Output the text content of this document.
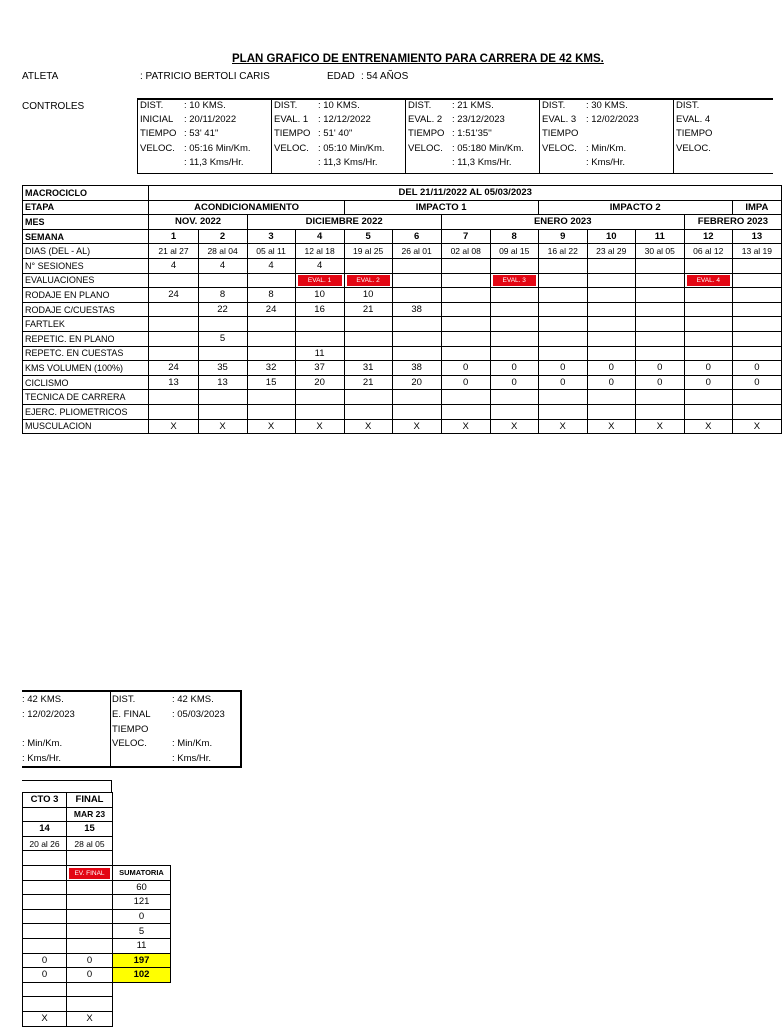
PLAN GRAFICO DE ENTRENAMIENTO PARA CARRERA DE 42 KMS.
ATLETA	: PATRICIO BERTOLI CARIS	EDAD : 54 AÑOS
CONTROLES	DIST. : 10 KMS.
INICIAL : 20/11/2022
TIEMPO : 53' 41''
VELOC. : 05:16 Min/Km.
: 11,3 Kms/Hr.
DIST. : 10 KMS.
EVAL. 1 : 12/12/2022
TIEMPO : 51' 40''
VELOC. : 05:10 Min/Km.
: 11,3 Kms/Hr.
DIST. : 21 KMS.
EVAL. 2 : 23/12/2023
TIEMPO : 1:51'35''
VELOC. : 05:180 Min/Km.
: 11,3 Kms/Hr.
DIST. : 30 KMS.
EVAL. 3 : 12/02/2023
TIEMPO
VELOC. : Min/Km.
: Kms/Hr.
DIST.
EVAL. 4
TIEMPO
VELOC.
MACROCICLO	DEL 21/11/2022 AL 05/03/2023												
ETAPA	ACONDICIONAMIENTO				IMPACTO 1				IMPACTO 2				IMPA
MES	NOV. 2022		DICIEMBRE 2022				ENERO 2023					FEBRERO 2023	
SEMANA	1	2	3	4	5	6	7	8	9	10	11	12	13
DIAS (DEL - AL)	21 al 27	28 al 04	05 al 11	12 al 18	19 al 25	26 al 01	02 al 08	09 al 15	16 al 22	23 al 29	30 al 05	06 al 12	13 al 19
N° SESIONES	4	4	4	4									
EVALUACIONES				EVAL. 1	EVAL. 2			EVAL. 3				EVAL. 4	
RODAJE EN PLANO	24	8	8	10	10								
RODAJE C/CUESTAS		22	24	16	21	38							
FARTLEK													
REPETIC. EN PLANO		5											
REPETC. EN CUESTAS				11									
KMS VOLUMEN (100%)	24	35	32	37	31	38	0	0	0	0	0	0	0
CICLISMO	13	13	15	20	21	20	0	0	0	0	0	0	0
TECNICA DE CARRERA													
EJERC. PLIOMETRICOS													
MUSCULACION	X	X	X	X	X	X	X	X	X	X	X	X	X
: 42 KMS.
: 12/02/2023
: Min/Km.
: Kms/Hr.
DIST.	: 42 KMS.
E. FINAL : 05/03/2023
TIEMPO
VELOC.	: Min/Km.
: Kms/Hr.
CTO 3	FINAL	
	MAR 23	
14	15	
20 al 26	28 al 05	

	EV. FINAL	SUMATORIA
		60
		121
		0
		5
		11
0	0	197
0	0	102

X	X	
